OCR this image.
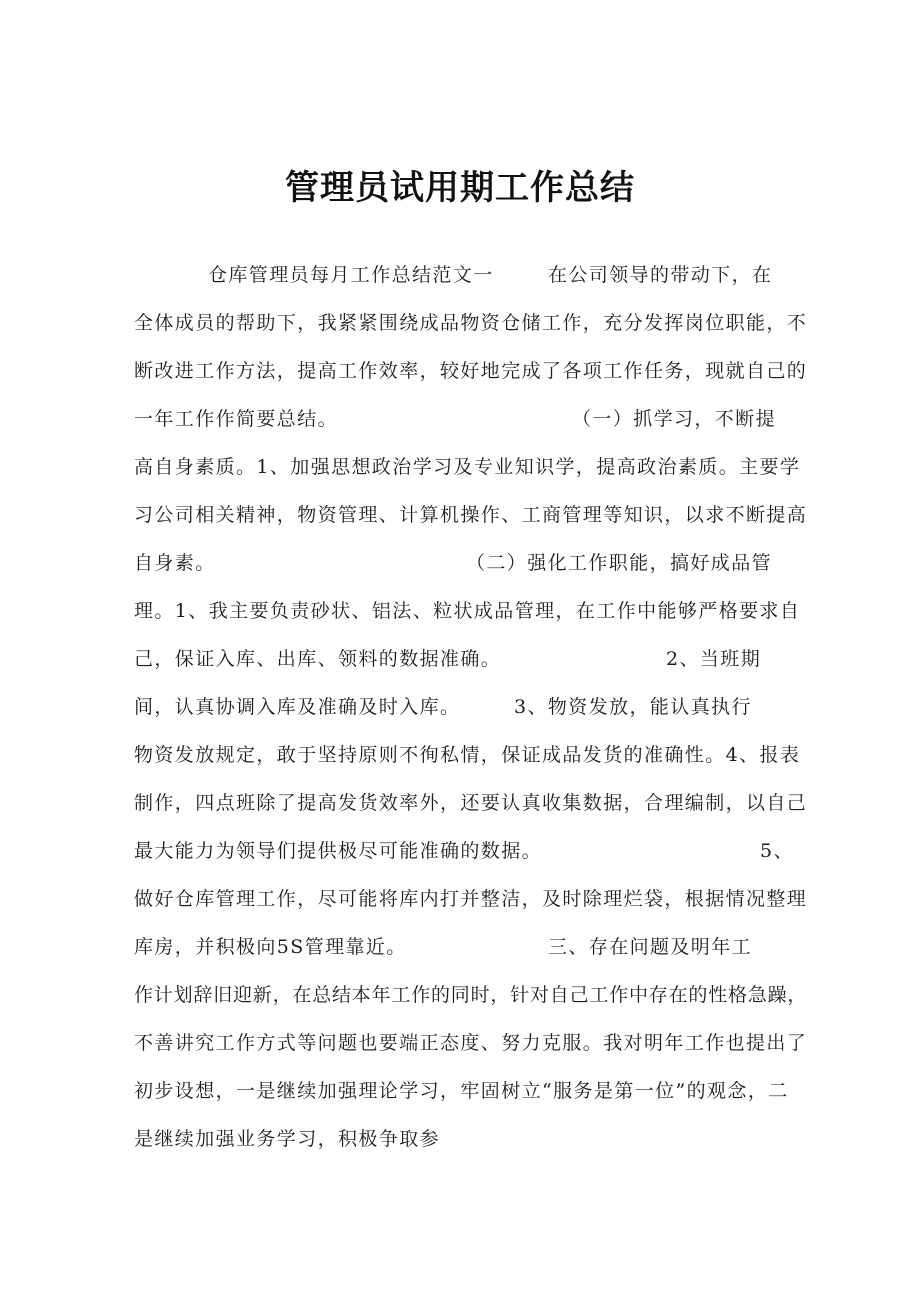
管理员试用期工作总结
仓库管理员每月工作总结范文一	在公司领导的带动下，在
全体成员的帮助下，我紧紧围绕成品物资仓储工作，充分发挥岗位职能，不
断改进工作方法，提高工作效率，较好地完成了各项工作任务，现就自己的
一年工作作简要总结。	（一）抓学习，不断提
高自身素质。1、加强思想政治学习及专业知识学，提高政治素质。主要学
习公司相关精神，物资管理、计算机操作、工商管理等知识，以求不断提高
自身素。	（二）强化工作职能，搞好成品管
理。1、我主要负责砂状、铝法、粒状成品管理，在工作中能够严格要求自
己，保证入库、出库、领料的数据准确。	2、当班期
间，认真协调入库及准确及时入库。	3、物资发放，能认真执行
物资发放规定，敢于坚持原则不徇私情，保证成品发货的准确性。4、报表
制作，四点班除了提高发货效率外，还要认真收集数据，合理编制，以自己
最大能力为领导们提供极尽可能准确的数据。	5、
做好仓库管理工作，尽可能将库内打并整洁，及时除理烂袋，根据情况整理
库房，并积极向5S管理靠近。	三、存在问题及明年工
作计划辞旧迎新，在总结本年工作的同时，针对自己工作中存在的性格急躁，
不善讲究工作方式等问题也要端正态度、努力克服。我对明年工作也提出了
初步设想，一是继续加强理论学习，牢固树立“服务是第一位”的观念，二
是继续加强业务学习，积极争取参
